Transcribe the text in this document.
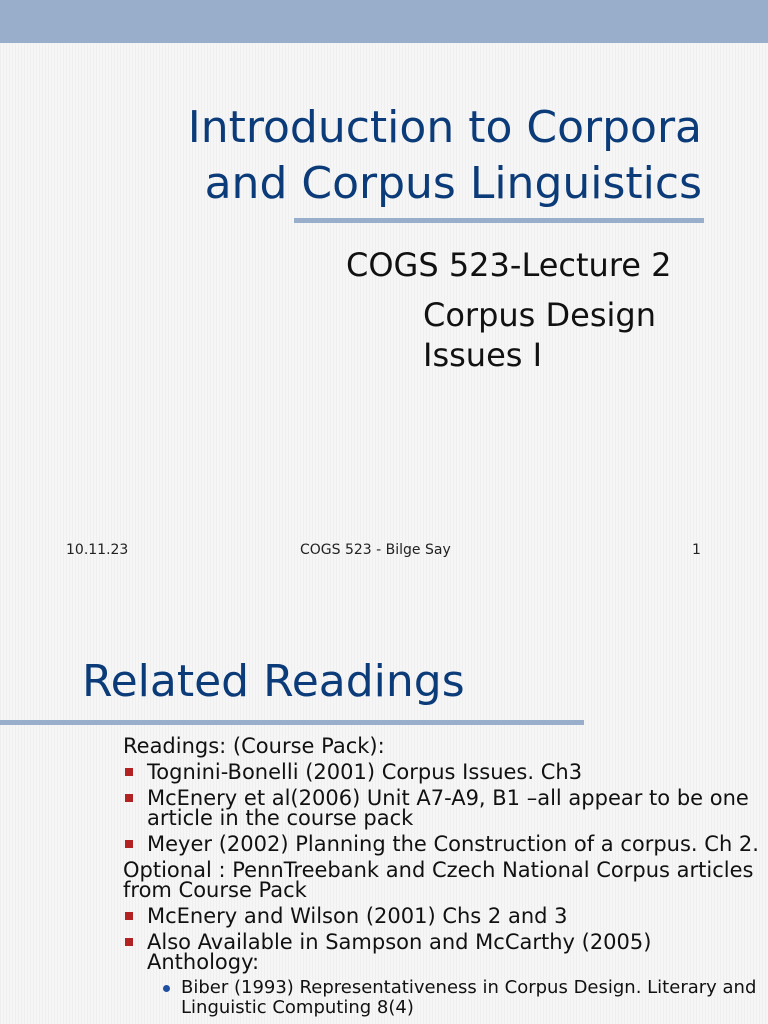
Introduction to Corpora
and Corpus Linguistics
COGS 523-Lecture 2
Corpus Design Issues I
10.11.23	COGS 523 - Bilge Say	1
Related Readings

Readings: (Course Pack):

Tognini-Bonelli (2001) Corpus Issues. Ch3
McEnery et al(2006) Unit A7-A9, B1 –all appear to be one article in the course pack
Meyer (2002) Planning the Construction of a corpus. Ch 2.

Optional : PennTreebank and Czech National Corpus articles from Course Pack

McEnery and Wilson (2001) Chs 2 and 3
Also Available in Sampson and McCarthy (2005) Anthology:
Biber (1993) Representativeness in Corpus Design. Literary and Linguistic Computing 8(4)
